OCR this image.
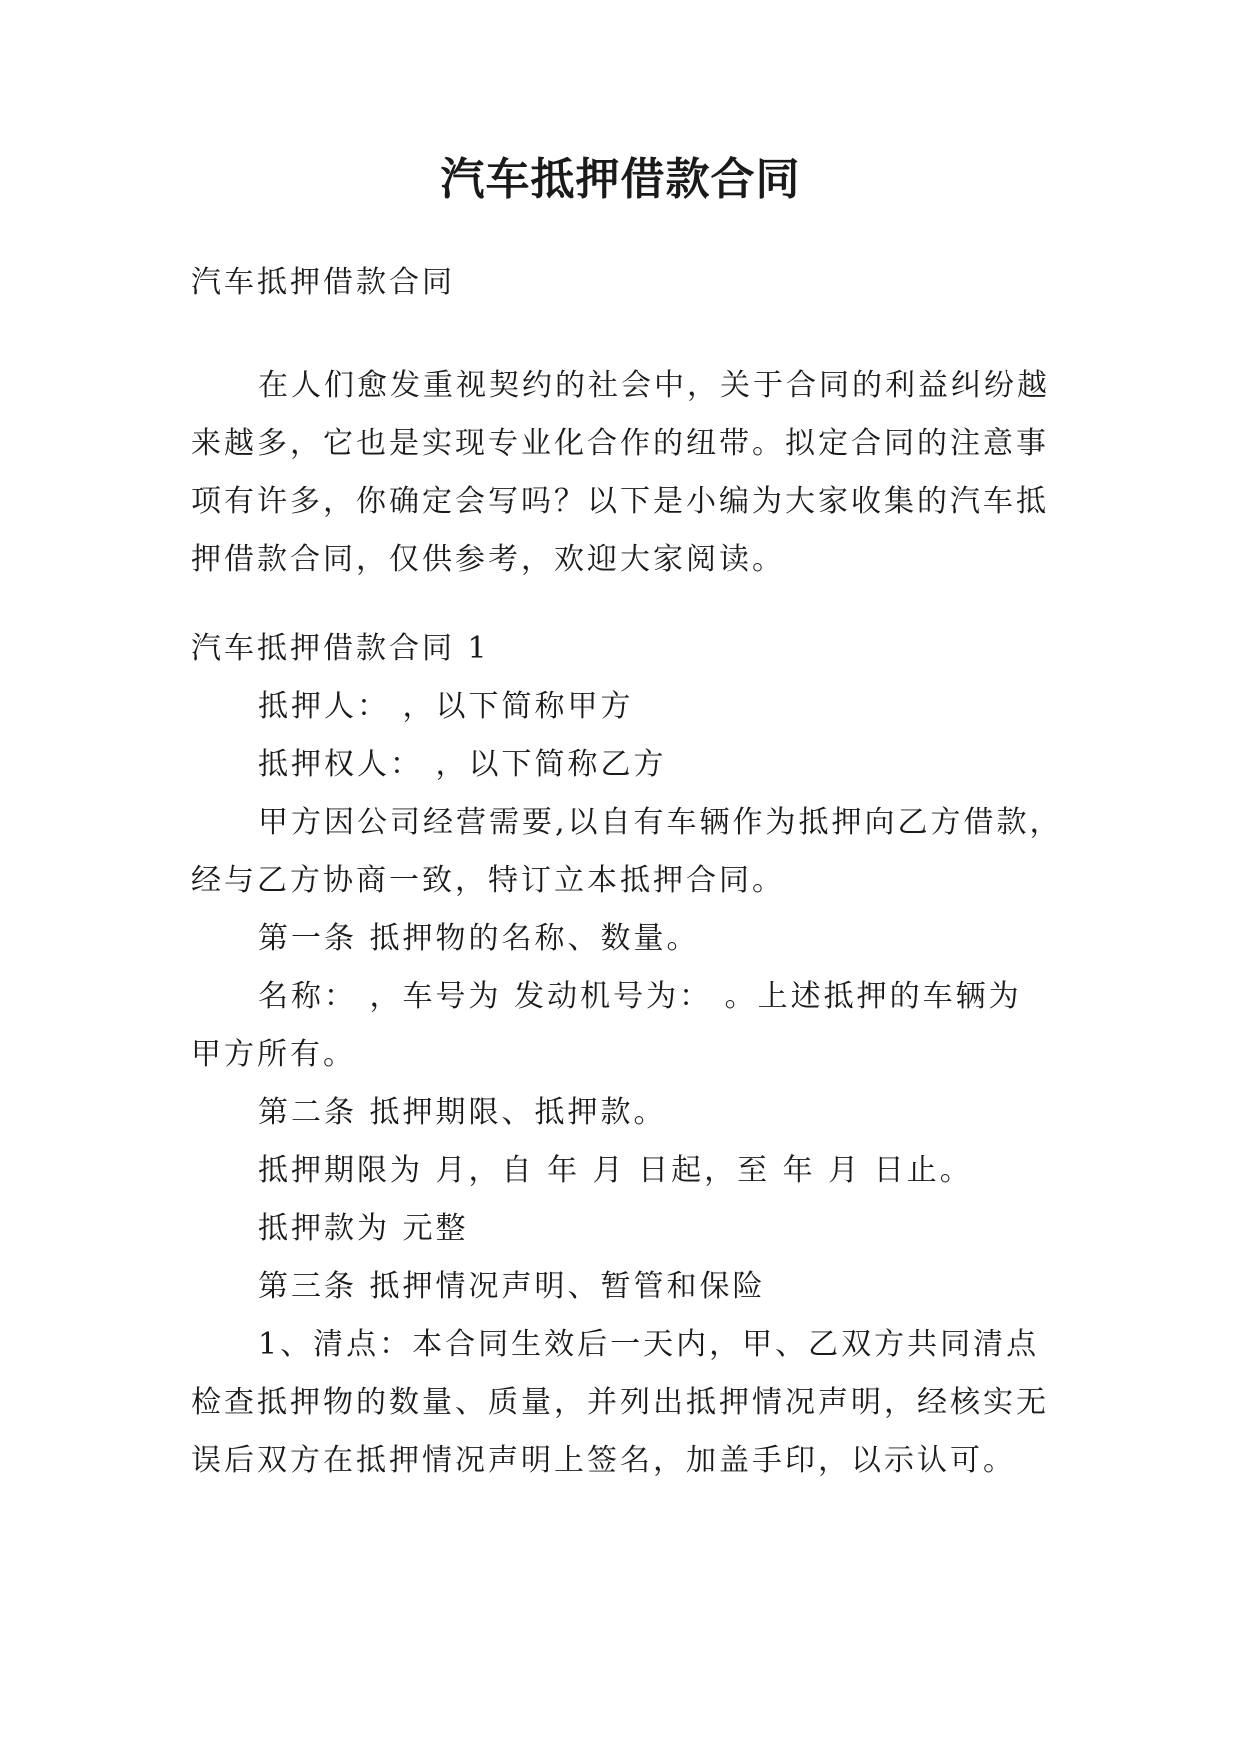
汽车抵押借款合同

汽车抵押借款合同

在人们愈发重视契约的社会中，关于合同的利益纠纷越

来越多，它也是实现专业化合作的纽带。拟定合同的注意事

项有许多，你确定会写吗？以下是小编为大家收集的汽车抵

押借款合同，仅供参考，欢迎大家阅读。

汽车抵押借款合同 1

抵押人： ，以下简称甲方

抵押权人： ，以下简称乙方

甲方因公司经营需要,以自有车辆作为抵押向乙方借款，

经与乙方协商一致，特订立本抵押合同。

第一条 抵押物的名称、数量。

名称： ，车号为 发动机号为： 。上述抵押的车辆为

甲方所有。

第二条 抵押期限、抵押款。

抵押期限为 月，自 年 月 日起，至 年 月 日止。

抵押款为 元整

第三条 抵押情况声明、暂管和保险

1、清点：本合同生效后一天内，甲、乙双方共同清点

检查抵押物的数量、质量，并列出抵押情况声明，经核实无

误后双方在抵押情况声明上签名，加盖手印，以示认可。
